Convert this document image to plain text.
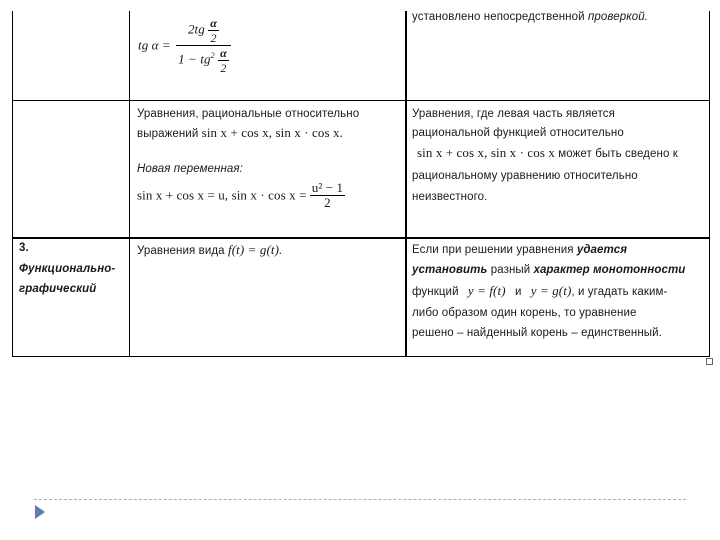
tg $\alpha = \frac{2tg \frac{\alpha}{2}}{1 - tg^2 \frac{\alpha}{2}}$	установлено непосредственной проверкой.
Уравнения, рациональные относительно
выражений sin x + cos x, sin x · cos x.
Новая переменная:
sin x + cos x = u, $\sin x \cdot \cos x = \frac{\text{u² − 1}}{2}$
Уравнения, где левая часть является
рациональной функцией относительно
sin x + cos x, sin x · cos x может быть сведено к
рациональному уравнению относительно
неизвестного.
3.
Функционально-
графический
Уравнения вида f(t) = g(t).	Если при решении уравнения удается
установить разный характер монотонности
функций y = f(t) и y = g(t), и угадать каким-
либо образом один корень, то уравнение
решено – найденный корень – единственный.
